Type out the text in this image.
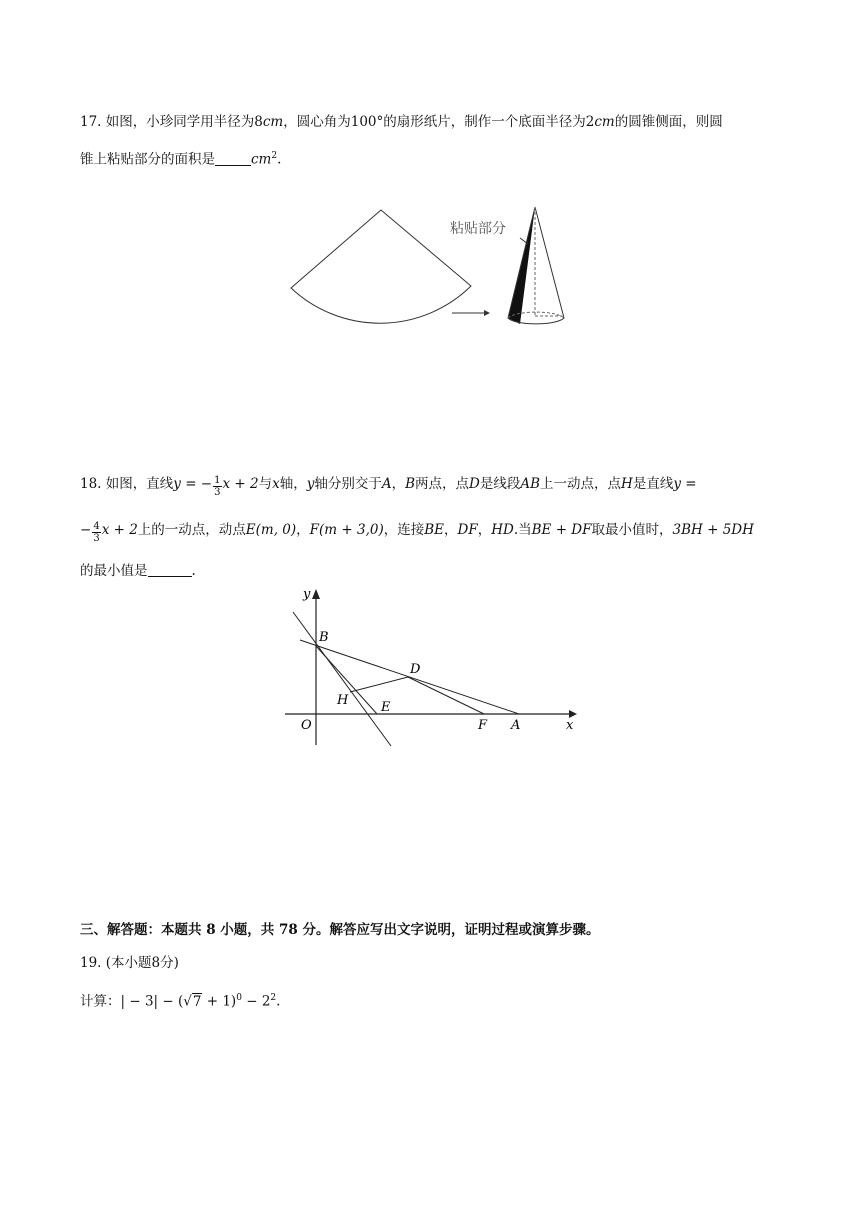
17. 如图，小珍同学用半径为8cm，圆心角为100°的扇形纸片，制作一个底面半径为2cm的圆锥侧面，则圆
锥上粘贴部分的面积是	$cm^2$.
粘贴部分
18. 如图，直线y = − $\frac{1}{3}$ x + 2与x轴，y轴分别交于A，B两点，点D是线段AB上一动点，点H是直线y =
− $\frac{4}{3}$ x + 2上的一动点，动点E(m, 0)，F(m + 3,0)，连接BE，DF，HD.当BE + DF取最小值时，3BH + 5DH
的最小值是	.
y
B
D
H	E
O	F A	x
三、解答题：本题共 8 小题，共 78 分。解答应写出文字说明，证明过程或演算步骤。
19. (本小题8分)
计算：| − $3| - (√7 + 1)^0 - 2^2$.
